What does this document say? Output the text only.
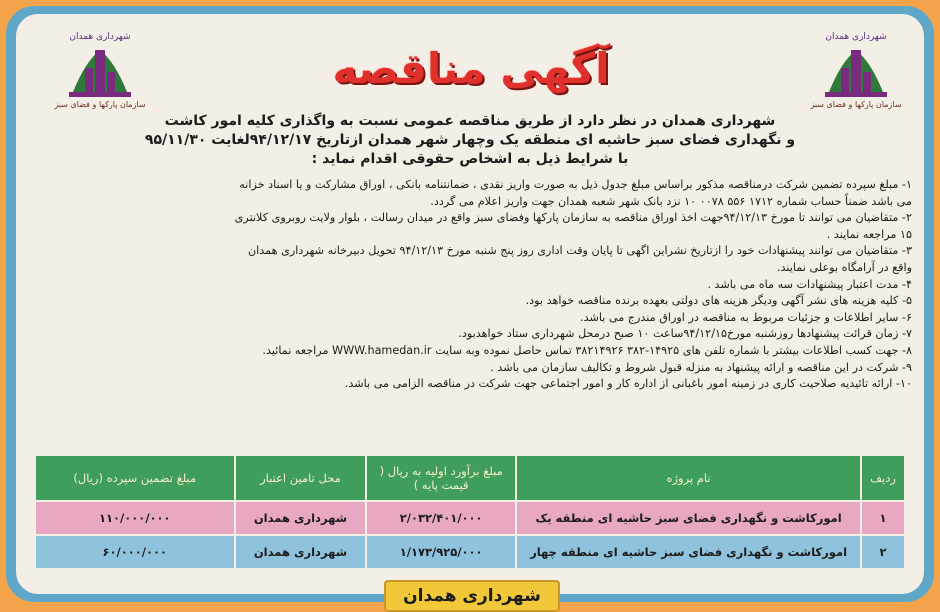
شهرداری همدان
سازمان پارکها و فضای سبز
شهرداری همدان
سازمان پارکها و فضای سبز
آگهی مناقصه
شهرداری همدان در نظر دارد از طریق مناقصه عمومی نسبت به واگذاری کلیه امور کاشت
و نگهداری فضای سبز حاشیه ای منطقه یک وچهار شهر همدان ازتاریخ ۹۴/۱۲/۱۷لغایت ۹۵/۱۱/۳۰
با شرایط ذیل به اشخاص حقوقی اقدام نماید :
۱- مبلغ سپرده تضمین شرکت درمناقصه مذکور براساس مبلغ جدول ذیل به صورت واریز نقدی ، ضمانتنامه بانکی ، اوراق مشارکت و یا اسناد خزانه
می باشد ضمناً حساب شماره ۱۷۱۲ ۵۵۶ ۰۰۷۸ ۱۰ نزد بانک شهر شعبه همدان جهت واریز اعلام می گردد.
۲- متقاضیان می توانند تا مورخ ۹۴/۱۲/۱۳جهت اخذ اوراق مناقصه به سازمان پارکها وفضای سبز واقع در میدان رسالت ، بلوار ولایت روبروی کلانتری
۱۵ مراجعه نمایند .
۳- متقاضیان می توانند پیشنهادات خود را ازتاریخ نشراین اگهی تا پایان وقت اداری روز پنج شنبه مورخ ۹۴/۱۲/۱۳ تحویل دبیرخانه شهرداری همدان
واقع در آرامگاه بوعلی نمایند.
۴- مدت اعتبار پیشنهادات سه ماه می باشد .
۵- کلیه هزینه های نشر آگهی ودیگر هزینه های دولتی بعهده برنده مناقصه خواهد بود.
۶- سایر اطلاعات و جزئیات مربوط به مناقصه در اوراق مندرج می باشد.
۷- زمان قرائت پیشنهادها روزشنبه مورخ۹۴/۱۲/۱۵ساعت ۱۰ صبح درمحل شهرداری ستاد خواهدبود.
۸- جهت کسب اطلاعات بیشتر با شماره تلفن های ۱۴۹۲۵-۳۸۲ ۳۸۲۱۴۹۲۶ تماس حاصل نموده وبه سایت WWW.hamedan.ir مراجعه نمائید.
۹- شرکت در این مناقصه و ارائه پیشنهاد به منزله قبول شروط و تکالیف سازمان می باشد .
۱۰- ارائه تائیدیه صلاحیت کاری در زمینه امور باغبانی از اداره کار و امور اجتماعی جهت شرکت در مناقصه الزامی می باشد.
ردیف	نام پروژه	مبلغ برآورد اولیه به ریال ( قیمت پایه )	محل تامین اعتبار	مبلغ تضمین سپرده (ریال)
۱	امورکاشت و نگهداری فضای سبز حاشیه ای منطقه یک	۲/۰۳۲/۴۰۱/۰۰۰	شهرداری همدان	۱۱۰/۰۰۰/۰۰۰
۲	امورکاشت و نگهداری فضای سبز حاشیه ای منطقه چهار	۱/۱۷۳/۹۲۵/۰۰۰	شهرداری همدان	۶۰/۰۰۰/۰۰۰
شهرداری همدان
